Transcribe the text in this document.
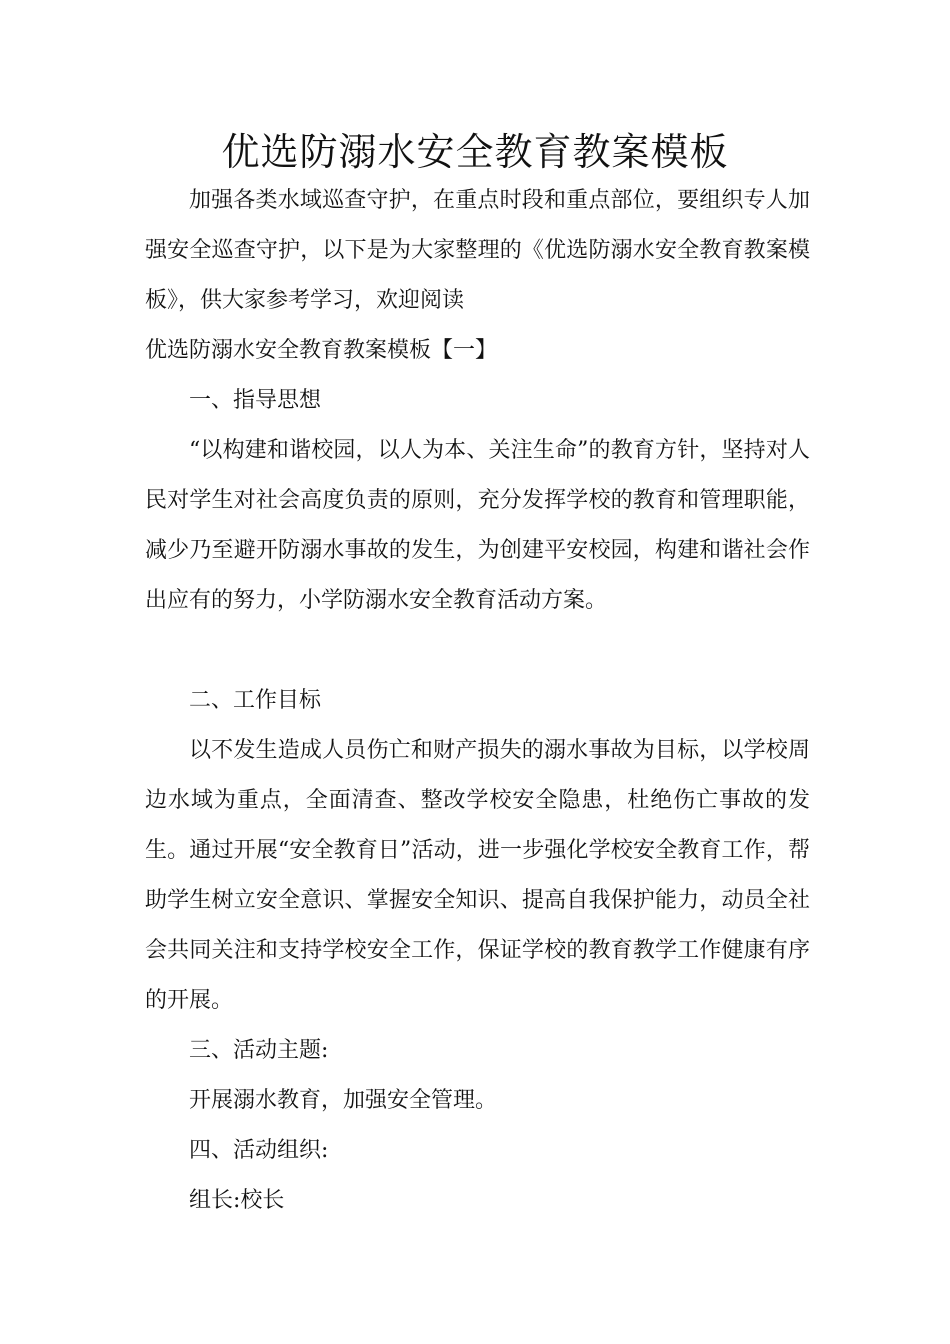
优选防溺水安全教育教案模板

加强各类水域巡查守护，在重点时段和重点部位，要组织专人加强安全巡查守护，以下是为大家整理的《优选防溺水安全教育教案模板》，供大家参考学习，欢迎阅读

优选防溺水安全教育教案模板【一】

一、指导思想

“以构建和谐校园，以人为本、关注生命”的教育方针，坚持对人民对学生对社会高度负责的原则，充分发挥学校的教育和管理职能，减少乃至避开防溺水事故的发生，为创建平安校园，构建和谐社会作出应有的努力，小学防溺水安全教育活动方案。

二、工作目标

以不发生造成人员伤亡和财产损失的溺水事故为目标，以学校周边水域为重点，全面清查、整改学校安全隐患，杜绝伤亡事故的发生。通过开展“安全教育日”活动，进一步强化学校安全教育工作，帮助学生树立安全意识、掌握安全知识、提高自我保护能力，动员全社会共同关注和支持学校安全工作，保证学校的教育教学工作健康有序的开展。

三、活动主题:

开展溺水教育，加强安全管理。

四、活动组织:

组长:校长
